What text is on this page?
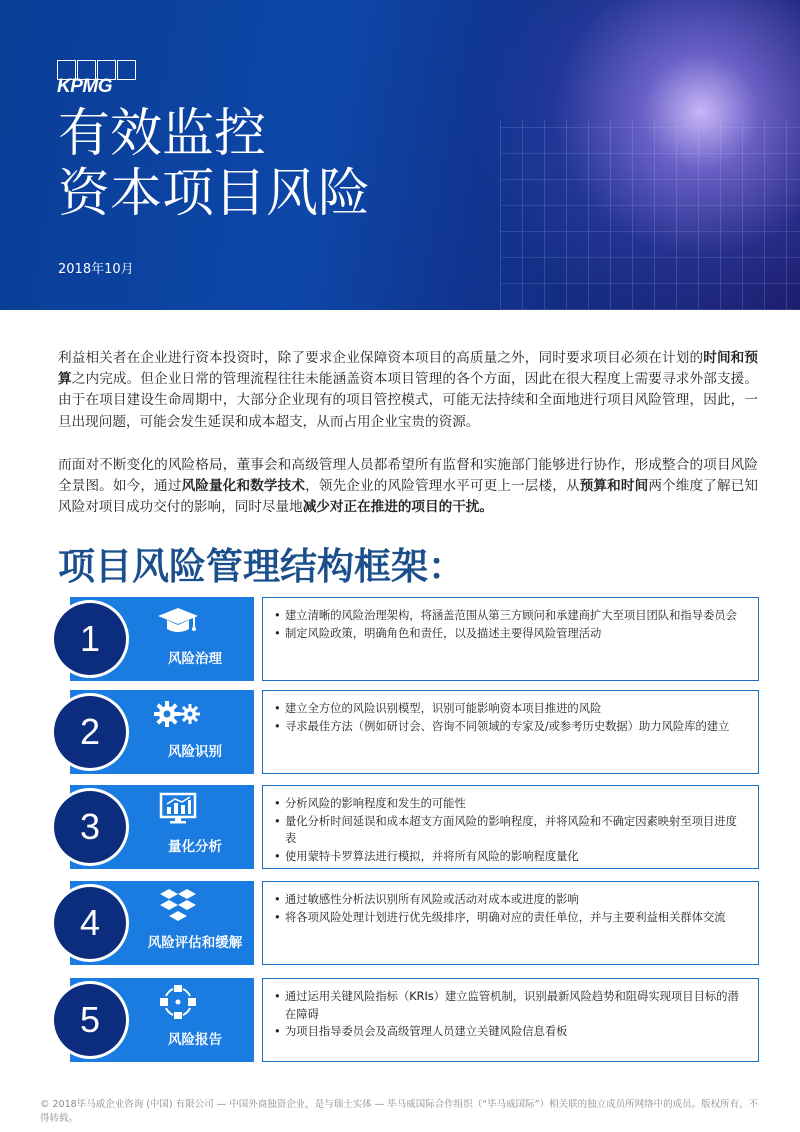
KPMG
有效监控
资本项目风险
2018年10月

利益相关者在企业进行资本投资时，除了要求企业保障资本项目的高质量之外，同时要求项目必须在计划的时间和预算之内完成。但企业日常的管理流程往往未能涵盖资本项目管理的各个方面，因此在很大程度上需要寻求外部支援。由于在项目建设生命周期中，大部分企业现有的项目管控模式，可能无法持续和全面地进行项目风险管理，因此，一旦出现问题，可能会发生延误和成本超支，从而占用企业宝贵的资源。

而面对不断变化的风险格局，董事会和高级管理人员都希望所有监督和实施部门能够进行协作，形成整合的项目风险全景图。如今，通过风险量化和数学技术，领先企业的风险管理水平可更上一层楼，从预算和时间两个维度了解已知风险对项目成功交付的影响，同时尽量地减少对正在推进的项目的干扰。

项目风险管理结构框架：
1	风险治理
• 建立清晰的风险治理架构，将涵盖范围从第三方顾问和承建商扩大至项目团队和指导委员会
• 制定风险政策，明确角色和责任，以及描述主要得风险管理活动
2	风险识别
• 建立全方位的风险识别模型，识别可能影响资本项目推进的风险
• 寻求最佳方法（例如研讨会、咨询不同领域的专家及/或参考历史数据）助力风险库的建立
3	量化分析
• 分析风险的影响程度和发生的可能性
• 量化分析时间延误和成本超支方面风险的影响程度，并将风险和不确定因素映射至项目进度表
• 使用蒙特卡罗算法进行模拟，并将所有风险的影响程度量化
4	风险评估和缓解
• 通过敏感性分析法识别所有风险或活动对成本或进度的影响
• 将各项风险处理计划进行优先级排序，明确对应的责任单位，并与主要利益相关群体交流
5	风险报告
• 通过运用关键风险指标（KRIs）建立监管机制，识别最新风险趋势和阻碍实现项目目标的潜在障碍
• 为项目指导委员会及高级管理人员建立关键风险信息看板

© 2018毕马威企业咨询 (中国) 有限公司 — 中国外商独资企业，是与瑞士实体 — 毕马威国际合作组织（“毕马威国际”）相关联的独立成员所网络中的成员。版权所有，不得转载。
